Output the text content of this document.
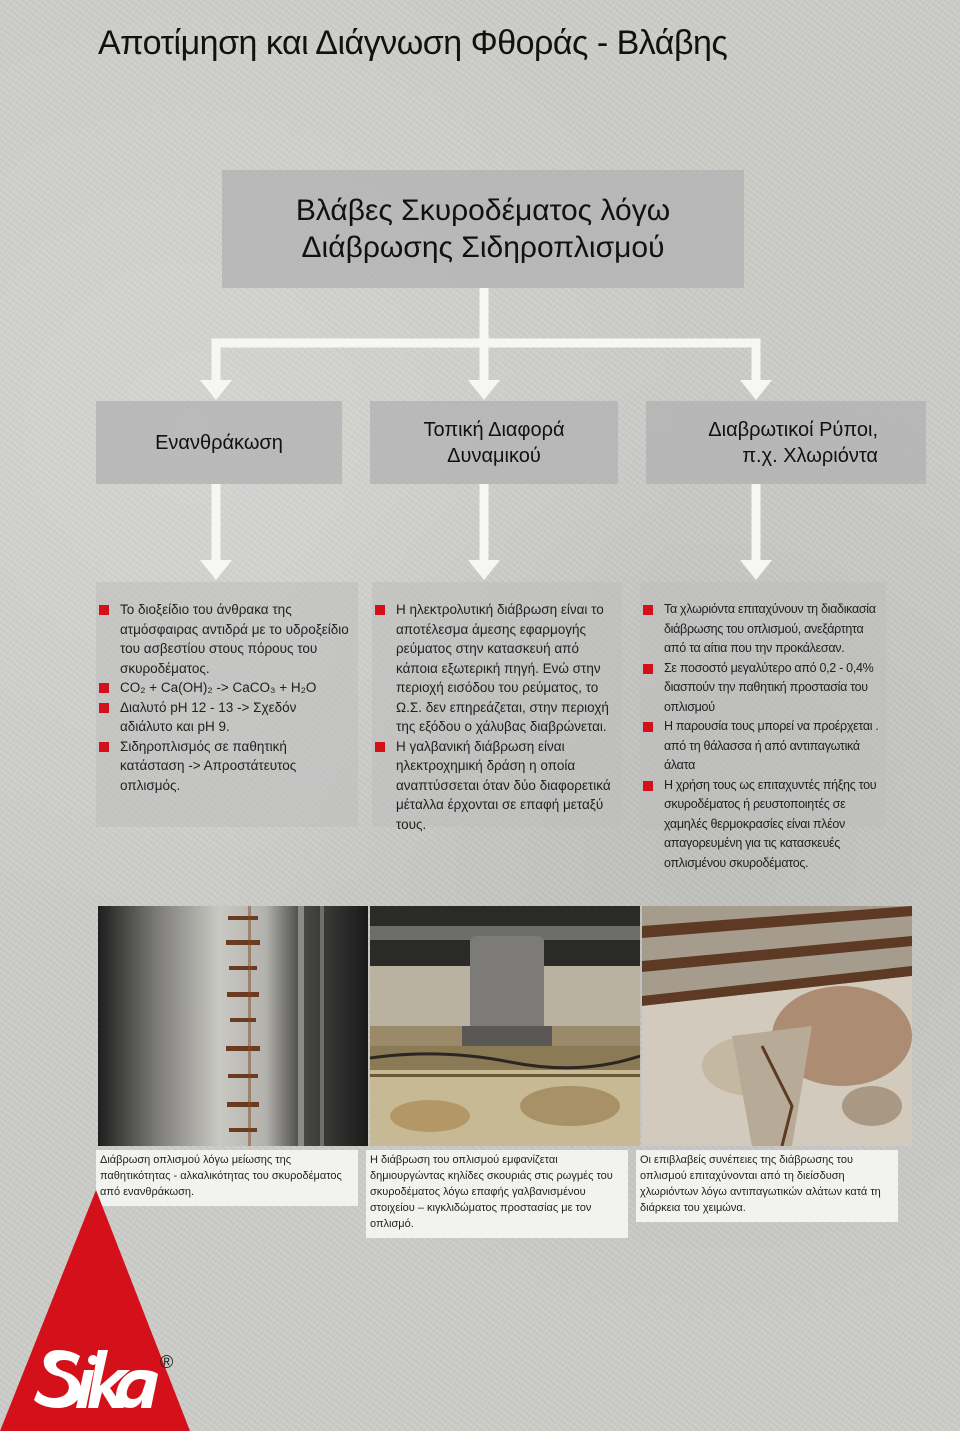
Αποτίμηση και Διάγνωση Φθοράς - Βλάβης
Βλάβες Σκυροδέματος λόγω
Διάβρωσης Σιδηροπλισμού
Ενανθράκωση
Τοπική Διαφορά
Δυναμικού
Διαβρωτικοί Ρύποι,
π.χ. Χλωριόντα
Το διοξείδιο του άνθρακα της ατμόσφαιρας αντιδρά με το υδροξείδιο του ασβεστίου στους πόρους του σκυροδέματος.
CO₂ + Ca(OH)₂ -> CaCO₃ + H₂O
Διαλυτό pH 12 - 13 -> Σχεδόν αδιάλυτο και pH 9.
Σιδηροπλισμός σε παθητική κατάσταση -> Απροστάτευτος οπλισμός.
Η ηλεκτρολυτική διάβρωση είναι το αποτέλεσμα άμεσης εφαρμογής ρεύματος στην κατασκευή από κάποια εξωτερική πηγή. Ενώ στην περιοχή εισόδου του ρεύματος, το Ω.Σ. δεν επηρεάζεται, στην περιοχή της εξόδου ο χάλυβας διαβρώνεται.
Η γαλβανική διάβρωση είναι ηλεκτροχημική δράση η οποία αναπτύσσεται όταν δύο διαφορετικά μέταλλα έρχονται σε επαφή μεταξύ τους.
Τα χλωριόντα επιταχύνουν τη διαδικασία διάβρωσης του οπλισμού, ανεξάρτητα από τα αίτια που την προκάλεσαν.
Σε ποσοστό μεγαλύτερο από 0,2 - 0,4% διασπούν την παθητική προστασία του οπλισμού
Η παρουσία τους μπορεί να προέρχεται . από τη θάλασσα ή από αντιπαγωτικά άλατα
Η χρήση τους ως επιταχυντές πήξης του σκυροδέματος ή ρευστοποιητές σε χαμηλές θερμοκρασίες είναι πλέον απαγορευμένη για τις κατασκευές οπλισμένου σκυροδέματος.
Διάβρωση οπλισμού λόγω μείωσης της παθητικότητας - αλκαλικότητας του σκυροδέματος από ενανθράκωση.
Η διάβρωση του οπλισμού εμφανίζεται δημιουργώντας κηλίδες σκουριάς στις ρωγμές του σκυροδέματος λόγω επαφής γαλβανισμένου στοιχείου – κιγκλιδώματος προστασίας με τον οπλισμό.
Οι επιβλαβείς συνέπειες της διάβρωσης του οπλισμού επιταχύνονται από τη διείσδυση χλωριόντων λόγω αντιπαγωτικών αλάτων κατά τη διάρκεια του χειμώνα.
®
